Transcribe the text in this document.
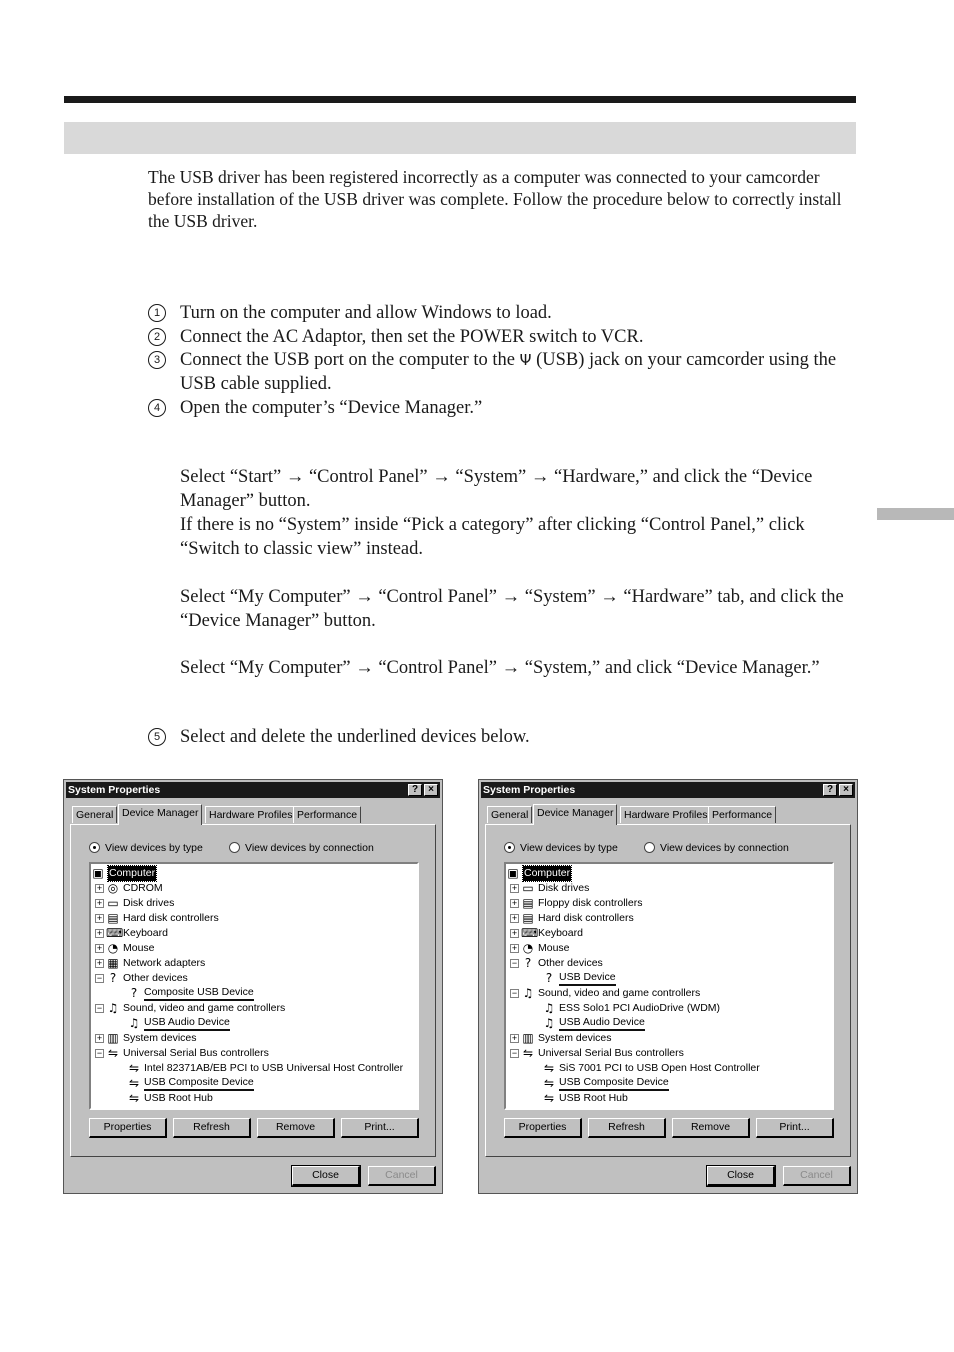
The USB driver has been registered incorrectly as a computer was connected to your camcorder before installation of the USB driver was complete. Follow the procedure below to correctly install the USB driver.

1	Turn on the computer and allow Windows to load.
2	Connect the AC Adaptor, then set the POWER switch to VCR.
3	Connect the USB port on the computer to the Ψ (USB) jack on your camcorder using the USB cable supplied.
4	Open the computer’s “Device Manager.”

Select “Start” → “Control Panel” → “System” → “Hardware,” and click the “Device Manager” button.

If there is no “System” inside “Pick a category” after clicking “Control Panel,” click “Switch to classic view” instead.

Select “My Computer” → “Control Panel” → “System” → “Hardware” tab, and click the “Device Manager” button.

Select “My Computer” → “Control Panel” → “System,” and click “Device Manager.”

5	Select and delete the underlined devices below.
System Properties	?	×
General Device Manager	Hardware Profiles Performance
View devices by type	View devices by connection
▣ Computer
+ ◎ CDROM
+ ▭ Disk drives
+ ▤ Hard disk controllers
+ ⌨ Keyboard
+ ◔ Mouse
+ ▦ Network adapters
− ? Other devices
? Composite USB Device
− ♫ Sound, video and game controllers
♫ USB Audio Device
+ ▥ System devices
− ⇋ Universal Serial Bus controllers
⇋ Intel 82371AB/EB PCI to USB Universal Host Controller
⇋ USB Composite Device
⇋ USB Root Hub
Properties	Refresh	Remove	Print...
Close	Cancel
System Properties	?	×
General Device Manager	Hardware Profiles Performance
View devices by type	View devices by connection
▣ Computer
+ ▭ Disk drives
+ ▤ Floppy disk controllers
+ ▤ Hard disk controllers
+ ⌨ Keyboard
+ ◔ Mouse
− ? Other devices
? USB Device
− ♫ Sound, video and game controllers
♫ ESS Solo1 PCI AudioDrive (WDM)
♫ USB Audio Device
+ ▥ System devices
− ⇋ Universal Serial Bus controllers
⇋ SiS 7001 PCI to USB Open Host Controller
⇋ USB Composite Device
⇋ USB Root Hub
Properties	Refresh	Remove	Print...
Close	Cancel
